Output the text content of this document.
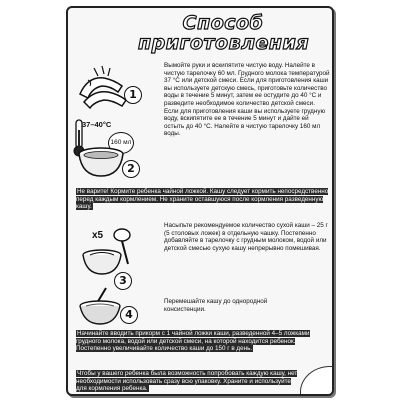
Способ
приготовления
1
37–40°C
160 мл
2
х5
3
4
Вымойте руки и вскипятите чистую воду. Налейте в чистую тарелочку 60 мл. Грудного молока температурой 37 °С или детской смеси. Если для приготовления каши вы используете детскую смесь, приготовьте количество воды в течение 5 минут, затем ее остудите до 40 °С и разведите необходимое количество детской смеси. Если для приготовления каши вы используете грудную воду, вскипятите ее в течение 5 минут и дайте ей остыть до 40 °С. Налейте в чистую тарелочку 160 мл воды.
Не варите! Кормите ребенка чайной ложкой. Кашу следует кормить непосредственно перед каждым кормлением. Не храните оставшуюся после кормления разведенную кашу.
Насыпьте рекомендуемое количество сухой каши – 25 г (5 столовых ложек) в отдельную чашку. Постепенно добавляйте в тарелочку с грудным молоком, водой или детской смесью сухую кашу непрерывно помешивая.
Перемешайте кашу до однородной консистенции.
Начинайте вводить прикорм с 1 чайной ложки каши, разведенной 4–5 ложками грудного молока, водой или детской смеси, на которой находится ребенок. Постепенно увеличивайте количество каши до 150 г в день.
Чтобы у вашего ребенка была возможность попробовать каждую кашу, нет необходимости использовать сразу всю упаковку. Храните и используйте для кормления ребенка.
